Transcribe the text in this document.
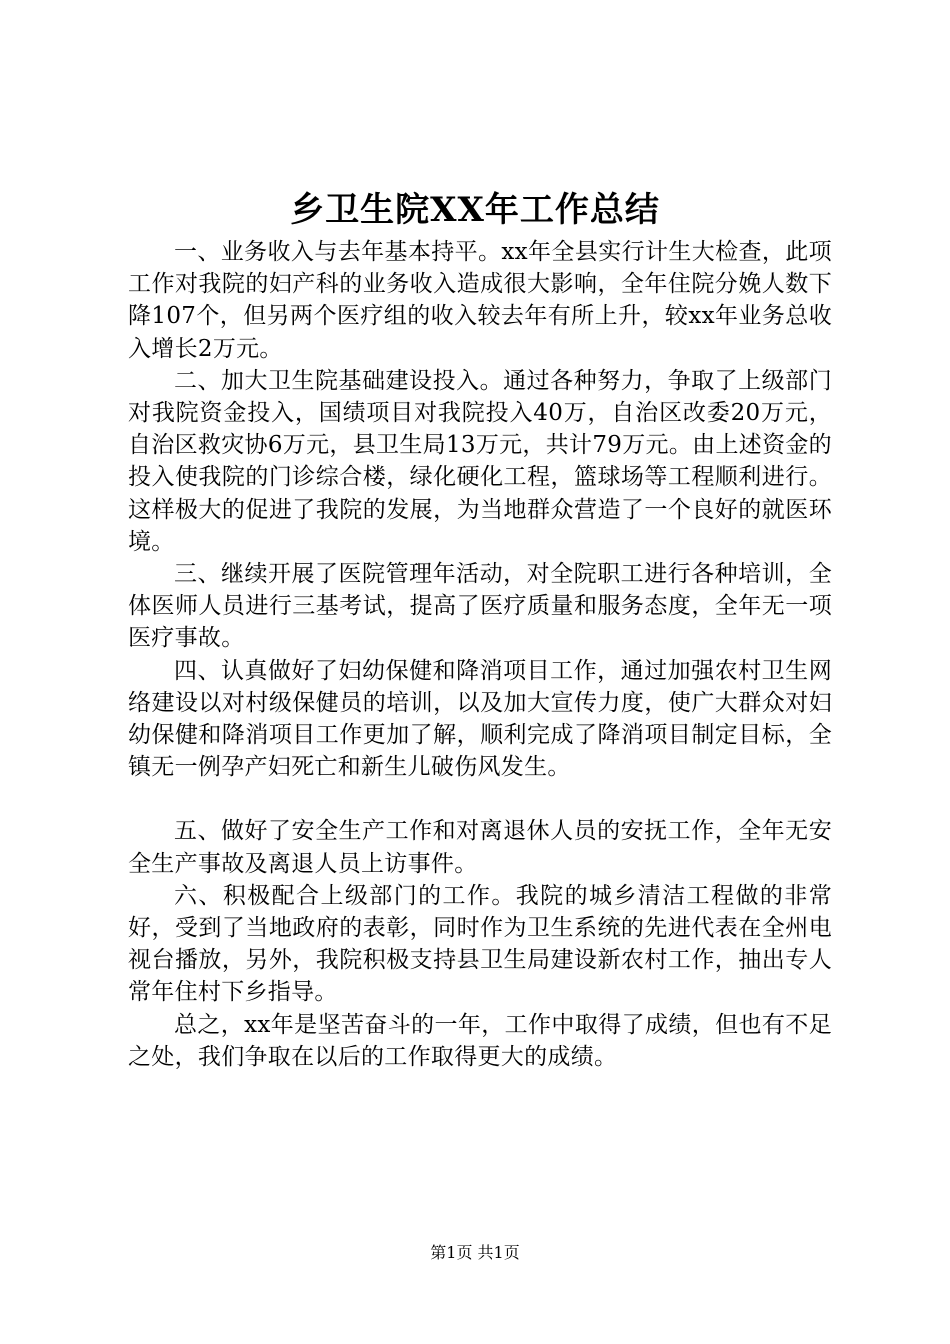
乡卫生院XX年工作总结

一、业务收入与去年基本持平。xx年全县实行计生大检查，此项工作对我院的妇产科的业务收入造成很大影响，全年住院分娩人数下降107个，但另两个医疗组的收入较去年有所上升，较xx年业务总收入增长2万元。

二、加大卫生院基础建设投入。通过各种努力，争取了上级部门对我院资金投入，国绩项目对我院投入40万，自治区改委20万元，自治区救灾协6万元，县卫生局13万元，共计79万元。由上述资金的投入使我院的门诊综合楼，绿化硬化工程，篮球场等工程顺利进行。这样极大的促进了我院的发展，为当地群众营造了一个良好的就医环境。

三、继续开展了医院管理年活动，对全院职工进行各种培训，全体医师人员进行三基考试，提高了医疗质量和服务态度，全年无一项医疗事故。

四、认真做好了妇幼保健和降消项目工作，通过加强农村卫生网络建设以对村级保健员的培训，以及加大宣传力度，使广大群众对妇幼保健和降消项目工作更加了解，顺利完成了降消项目制定目标，全镇无一例孕产妇死亡和新生儿破伤风发生。

五、做好了安全生产工作和对离退休人员的安抚工作，全年无安全生产事故及离退人员上访事件。

六、积极配合上级部门的工作。我院的城乡清洁工程做的非常好，受到了当地政府的表彰，同时作为卫生系统的先进代表在全州电视台播放，另外，我院积极支持县卫生局建设新农村工作，抽出专人常年住村下乡指导。

总之，xx年是坚苦奋斗的一年，工作中取得了成绩，但也有不足之处，我们争取在以后的工作取得更大的成绩。

第1页 共1页
